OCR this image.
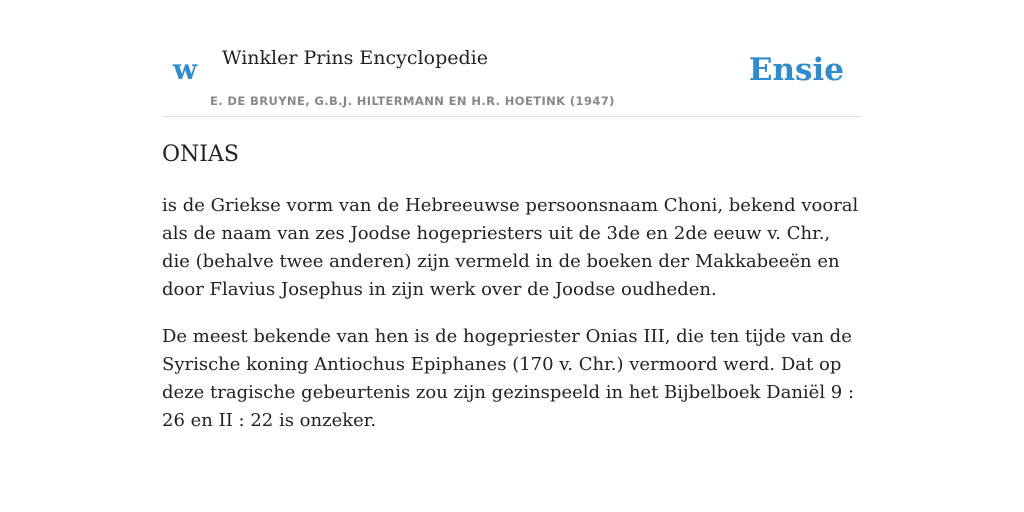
w Winkler Prins Encyclopedie
E. DE BRUYNE, G.B.J. HILTERMANN EN H.R. HOETINK (1947)
Ensie
ONIAS

is de Griekse vorm van de Hebreeuwse persoonsnaam Choni, bekend vooral als de naam van zes Joodse hogepriesters uit de 3de en 2de eeuw v. Chr., die (behalve twee anderen) zijn vermeld in de boeken der Makkabeeën en door Flavius Josephus in zijn werk over de Joodse oudheden.

De meest bekende van hen is de hogepriester Onias III, die ten tijde van de Syrische koning Antiochus Epiphanes (170 v. Chr.) vermoord werd. Dat op deze tragische gebeurtenis zou zijn gezinspeeld in het Bijbelboek Daniël 9 : 26 en II : 22 is onzeker.
